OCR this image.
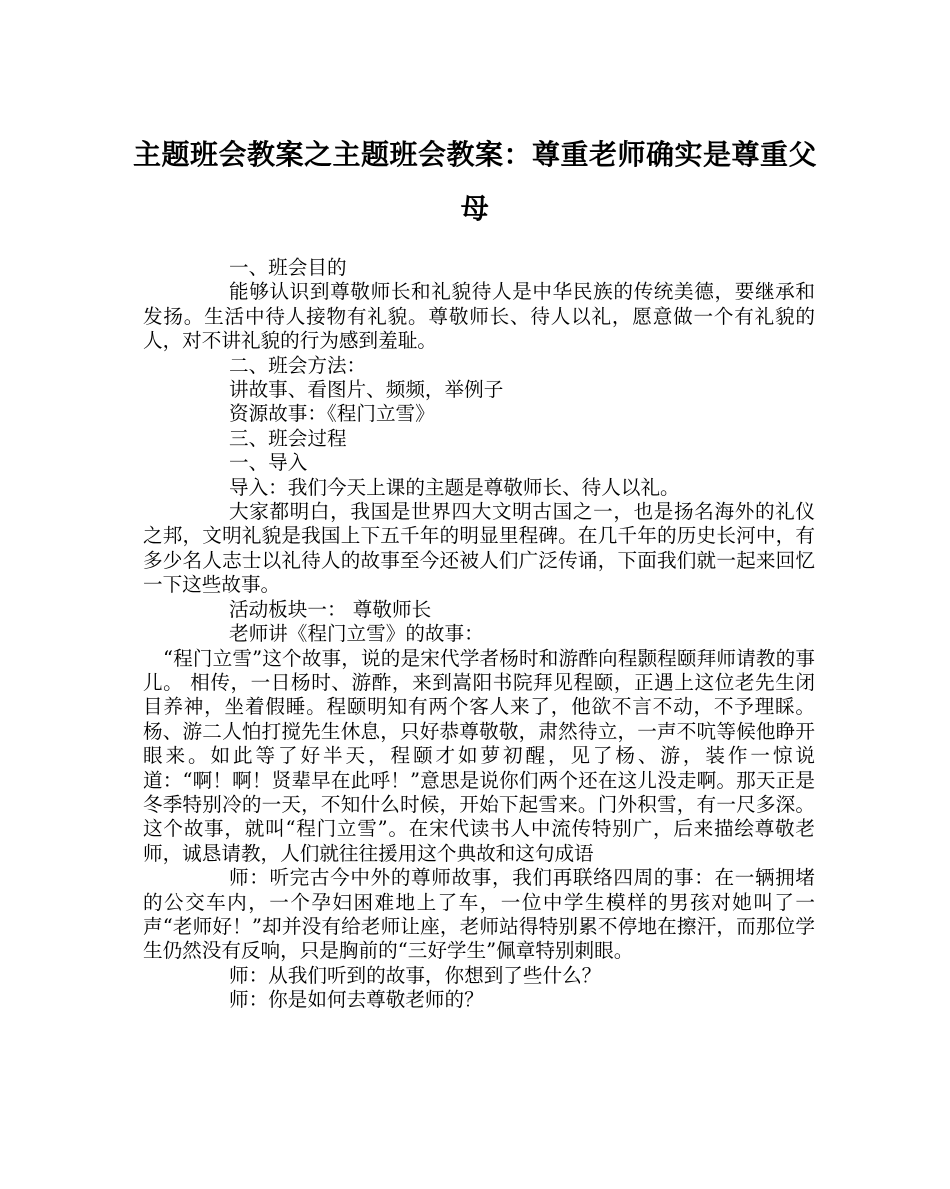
主题班会教案之主题班会教案：尊重老师确实是尊重父母

一、班会目的

能够认识到尊敬师长和礼貌待人是中华民族的传统美德，要继承和发扬。生活中待人接物有礼貌。尊敬师长、待人以礼，愿意做一个有礼貌的人，对不讲礼貌的行为感到羞耻。

二、班会方法：

讲故事、看图片、频频，举例子

资源故事：《程门立雪》

三、班会过程

一、导入

导入：我们今天上课的主题是尊敬师长、待人以礼。

大家都明白，我国是世界四大文明古国之一，也是扬名海外的礼仪之邦，文明礼貌是我国上下五千年的明显里程碑。在几千年的历史长河中，有多少名人志士以礼待人的故事至今还被人们广泛传诵，下面我们就一起来回忆一下这些故事。

活动板块一： 尊敬师长

老师讲《程门立雪》的故事：

“程门立雪”这个故事，说的是宋代学者杨时和游酢向程颢程颐拜师请教的事儿。 相传，一日杨时、游酢，来到嵩阳书院拜见程颐，正遇上这位老先生闭目养神，坐着假睡。程颐明知有两个客人来了，他欲不言不动，不予理睬。杨、游二人怕打搅先生休息，只好恭尊敬敬，肃然待立，一声不吭等候他睁开眼来。如此等了好半天，程颐才如萝初醒，见了杨、游，装作一惊说道：“啊！啊！贤辈早在此呼！”意思是说你们两个还在这儿没走啊。那天正是冬季特别冷的一天，不知什么时候，开始下起雪来。门外积雪，有一尺多深。这个故事，就叫“程门立雪”。在宋代读书人中流传特别广，后来描绘尊敬老师，诚恳请教，人们就往往援用这个典故和这句成语

师：听完古今中外的尊师故事，我们再联络四周的事：在一辆拥堵的公交车内，一个孕妇困难地上了车，一位中学生模样的男孩对她叫了一声“老师好！”却并没有给老师让座，老师站得特别累不停地在擦汗，而那位学生仍然没有反响，只是胸前的“三好学生”佩章特别刺眼。

师：从我们听到的故事，你想到了些什么？

师：你是如何去尊敬老师的？
